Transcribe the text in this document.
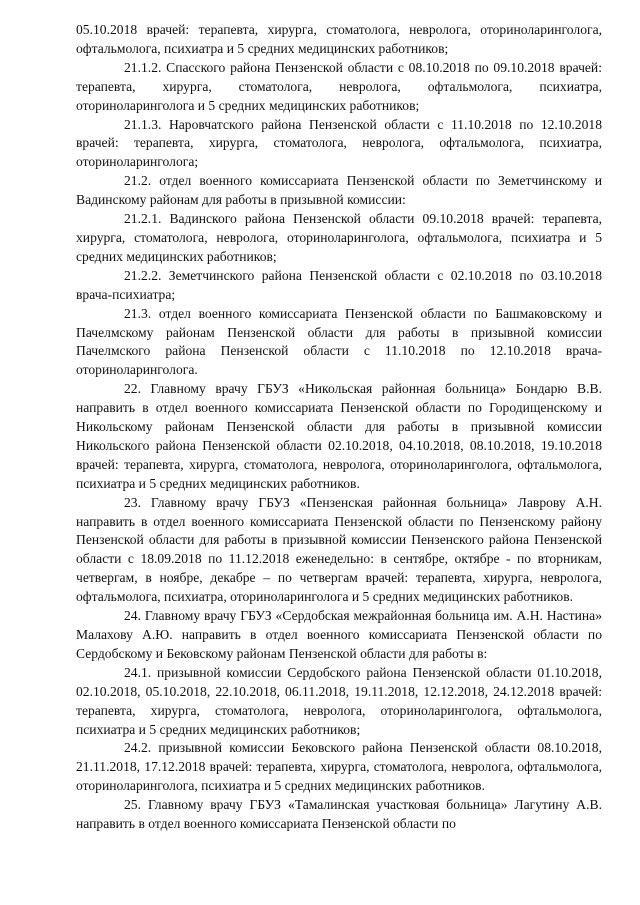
05.10.2018 врачей: терапевта, хирурга, стоматолога, невролога, оториноларинголога, офтальмолога, психиатра и 5 средних медицинских работников;

21.1.2. Спасского района Пензенской области с 08.10.2018 по 09.10.2018 врачей: терапевта, хирурга, стоматолога, невролога, офтальмолога, психиатра, оториноларинголога и 5 средних медицинских работников;

21.1.3. Наровчатского района Пензенской области с 11.10.2018 по 12.10.2018 врачей: терапевта, хирурга, стоматолога, невролога, офтальмолога, психиатра, оториноларинголога;

21.2. отдел военного комиссариата Пензенской области по Земетчинскому и Вадинскому районам для работы в призывной комиссии:

21.2.1. Вадинского района Пензенской области 09.10.2018 врачей: терапевта, хирурга, стоматолога, невролога, оториноларинголога, офтальмолога, психиатра и 5 средних медицинских работников;

21.2.2. Земетчинского района Пензенской области с 02.10.2018 по 03.10.2018 врача-психиатра;

21.3. отдел военного комиссариата Пензенской области по Башмаковскому и Пачелмскому районам Пензенской области для работы в призывной комиссии Пачелмского района Пензенской области с 11.10.2018 по 12.10.2018 врача-оториноларинголога.

22. Главному врачу ГБУЗ «Никольская районная больница» Бондарю В.В. направить в отдел военного комиссариата Пензенской области по Городищенскому и Никольскому районам Пензенской области для работы в призывной комиссии Никольского района Пензенской области 02.10.2018, 04.10.2018, 08.10.2018, 19.10.2018 врачей: терапевта, хирурга, стоматолога, невролога, оториноларинголога, офтальмолога, психиатра и 5 средних медицинских работников.

23. Главному врачу ГБУЗ «Пензенская районная больница» Лаврову А.Н. направить в отдел военного комиссариата Пензенской области по Пензенскому району Пензенской области для работы в призывной комиссии Пензенского района Пензенской области с 18.09.2018 по 11.12.2018 еженедельно: в сентябре, октябре - по вторникам, четвергам, в ноябре, декабре – по четвергам врачей: терапевта, хирурга, невролога, офтальмолога, психиатра, оториноларинголога и 5 средних медицинских работников.

24. Главному врачу ГБУЗ «Сердобская межрайонная больница им. А.Н. Настина» Малахову А.Ю. направить в отдел военного комиссариата Пензенской области по Сердобскому и Бековскому районам Пензенской области для работы в:

24.1. призывной комиссии Сердобского района Пензенской области 01.10.2018, 02.10.2018, 05.10.2018, 22.10.2018, 06.11.2018, 19.11.2018, 12.12.2018, 24.12.2018 врачей: терапевта, хирурга, стоматолога, невролога, оториноларинголога, офтальмолога, психиатра и 5 средних медицинских работников;

24.2. призывной комиссии Бековского района Пензенской области 08.10.2018, 21.11.2018, 17.12.2018 врачей: терапевта, хирурга, стоматолога, невролога, офтальмолога, оториноларинголога, психиатра и 5 средних медицинских работников.

25. Главному врачу ГБУЗ «Тамалинская участковая больница» Лагутину А.В. направить в отдел военного комиссариата Пензенской области по
